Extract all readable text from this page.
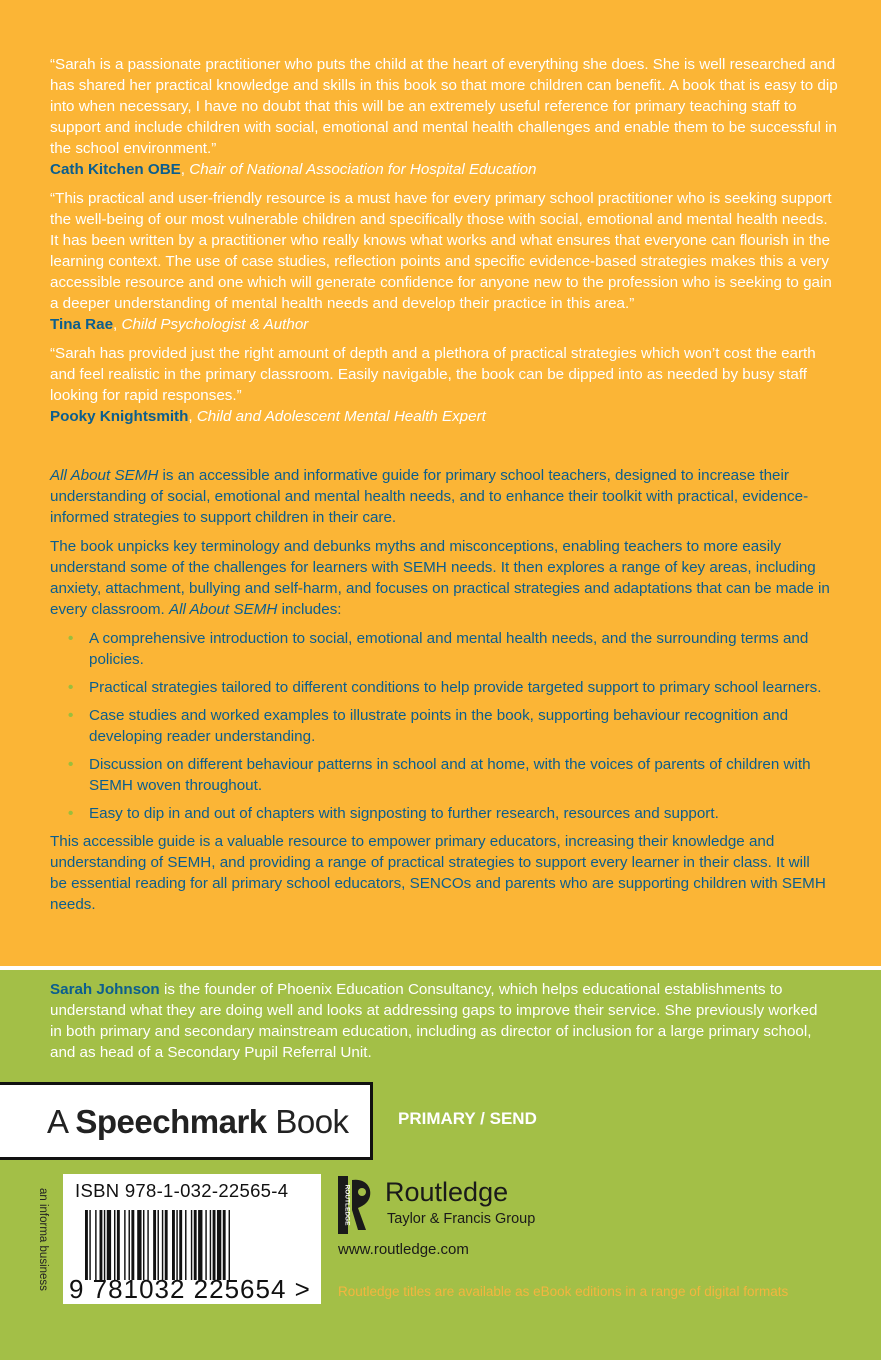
“Sarah is a passionate practitioner who puts the child at the heart of everything she does. She is well researched and has shared her practical knowledge and skills in this book so that more children can benefit. A book that is easy to dip into when necessary, I have no doubt that this will be an extremely useful reference for primary teaching staff to support and include children with social, emotional and mental health challenges and enable them to be successful in the school environment.”
Cath Kitchen OBE, Chair of National Association for Hospital Education
“This practical and user-friendly resource is a must have for every primary school practitioner who is seeking support the well-being of our most vulnerable children and specifically those with social, emotional and mental health needs. It has been written by a practitioner who really knows what works and what ensures that everyone can flourish in the learning context. The use of case studies, reflection points and specific evidence-based strategies makes this a very accessible resource and one which will generate confidence for anyone new to the profession who is seeking to gain a deeper understanding of mental health needs and develop their practice in this area.”
Tina Rae, Child Psychologist & Author
“Sarah has provided just the right amount of depth and a plethora of practical strategies which won’t cost the earth and feel realistic in the primary classroom. Easily navigable, the book can be dipped into as needed by busy staff looking for rapid responses.”
Pooky Knightsmith, Child and Adolescent Mental Health Expert

All About SEMH is an accessible and informative guide for primary school teachers, designed to increase their understanding of social, emotional and mental health needs, and to enhance their toolkit with practical, evidence-informed strategies to support children in their care.

The book unpicks key terminology and debunks myths and misconceptions, enabling teachers to more easily understand some of the challenges for learners with SEMH needs. It then explores a range of key areas, including anxiety, attachment, bullying and self-harm, and focuses on practical strategies and adaptations that can be made in every classroom. All About SEMH includes:

• A comprehensive introduction to social, emotional and mental health needs, and the surrounding terms and policies.
• Practical strategies tailored to different conditions to help provide targeted support to primary school learners.
• Case studies and worked examples to illustrate points in the book, supporting behaviour recognition and developing reader understanding.
• Discussion on different behaviour patterns in school and at home, with the voices of parents of children with SEMH woven throughout.
• Easy to dip in and out of chapters with signposting to further research, resources and support.

This accessible guide is a valuable resource to empower primary educators, increasing their knowledge and understanding of SEMH, and providing a range of practical strategies to support every learner in their class. It will be essential reading for all primary school educators, SENCOs and parents who are supporting children with SEMH needs.

Sarah Johnson is the founder of Phoenix Education Consultancy, which helps educational establishments to understand what they are doing well and looks at addressing gaps to improve their service. She previously worked in both primary and secondary mainstream education, including as director of inclusion for a large primary school, and as head of a Secondary Pupil Referral Unit.
A Speechmark Book	PRIMARY / SEND
an informa business ISBN 978-1-032-22565-4
9 781032 225654 >
ROUTLEDGE Routledge
Taylor & Francis Group
www.routledge.com
Routledge titles are available as eBook editions in a range of digital formats
